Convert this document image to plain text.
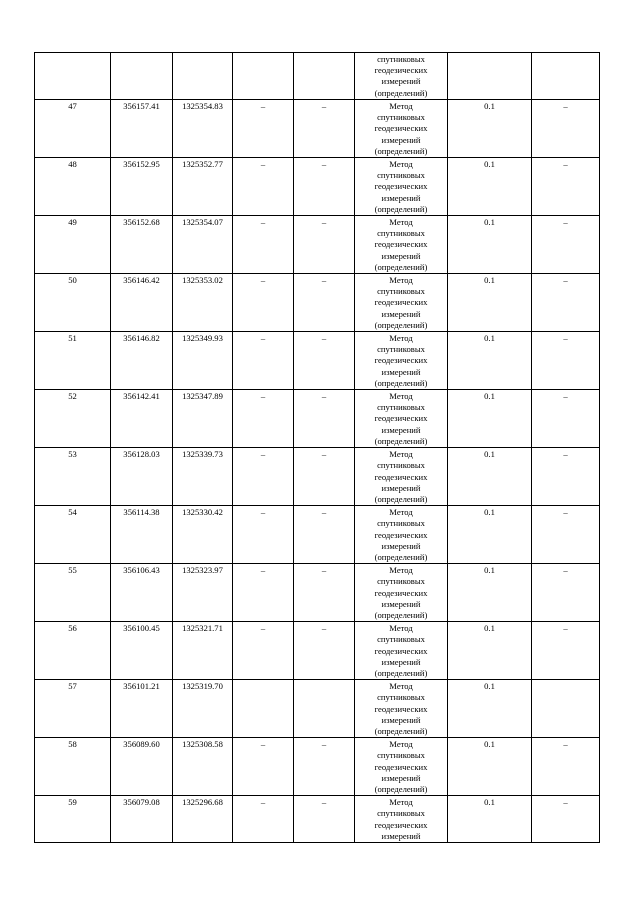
					спутниковых
геодезических
измерений
(определений)		

47	356157.41	1325354.83	–	–	Метод
спутниковых
геодезических
измерений
(определений)	0.1	–
48	356152.95	1325352.77	–	–	Метод
спутниковых
геодезических
измерений
(определений)	0.1	–
49	356152.68	1325354.07	–	–	Метод
спутниковых
геодезических
измерений
(определений)	0.1	–
50	356146.42	1325353.02	–	–	Метод
спутниковых
геодезических
измерений
(определений)	0.1	–
51	356146.82	1325349.93	–	–	Метод
спутниковых
геодезических
измерений
(определений)	0.1	–
52	356142.41	1325347.89	–	–	Метод
спутниковых
геодезических
измерений
(определений)	0.1	–
53	356128.03	1325339.73	–	–	Метод
спутниковых
геодезических
измерений
(определений)	0.1	–
54	356114.38	1325330.42	–	–	Метод
спутниковых
геодезических
измерений
(определений)	0.1	–
55	356106.43	1325323.97	–	–	Метод
спутниковых
геодезических
измерений
(определений)	0.1	–
56	356100.45	1325321.71	–	–	Метод
спутниковых
геодезических
измерений
(определений)	0.1	–
57	356101.21	1325319.70			Метод
спутниковых
геодезических
измерений
(определений)	0.1	
58	356089.60	1325308.58	–	–	Метод
спутниковых
геодезических
измерений
(определений)	0.1	–
59	356079.08	1325296.68	–	–	Метод
спутниковых
геодезических
измерений	0.1	–
